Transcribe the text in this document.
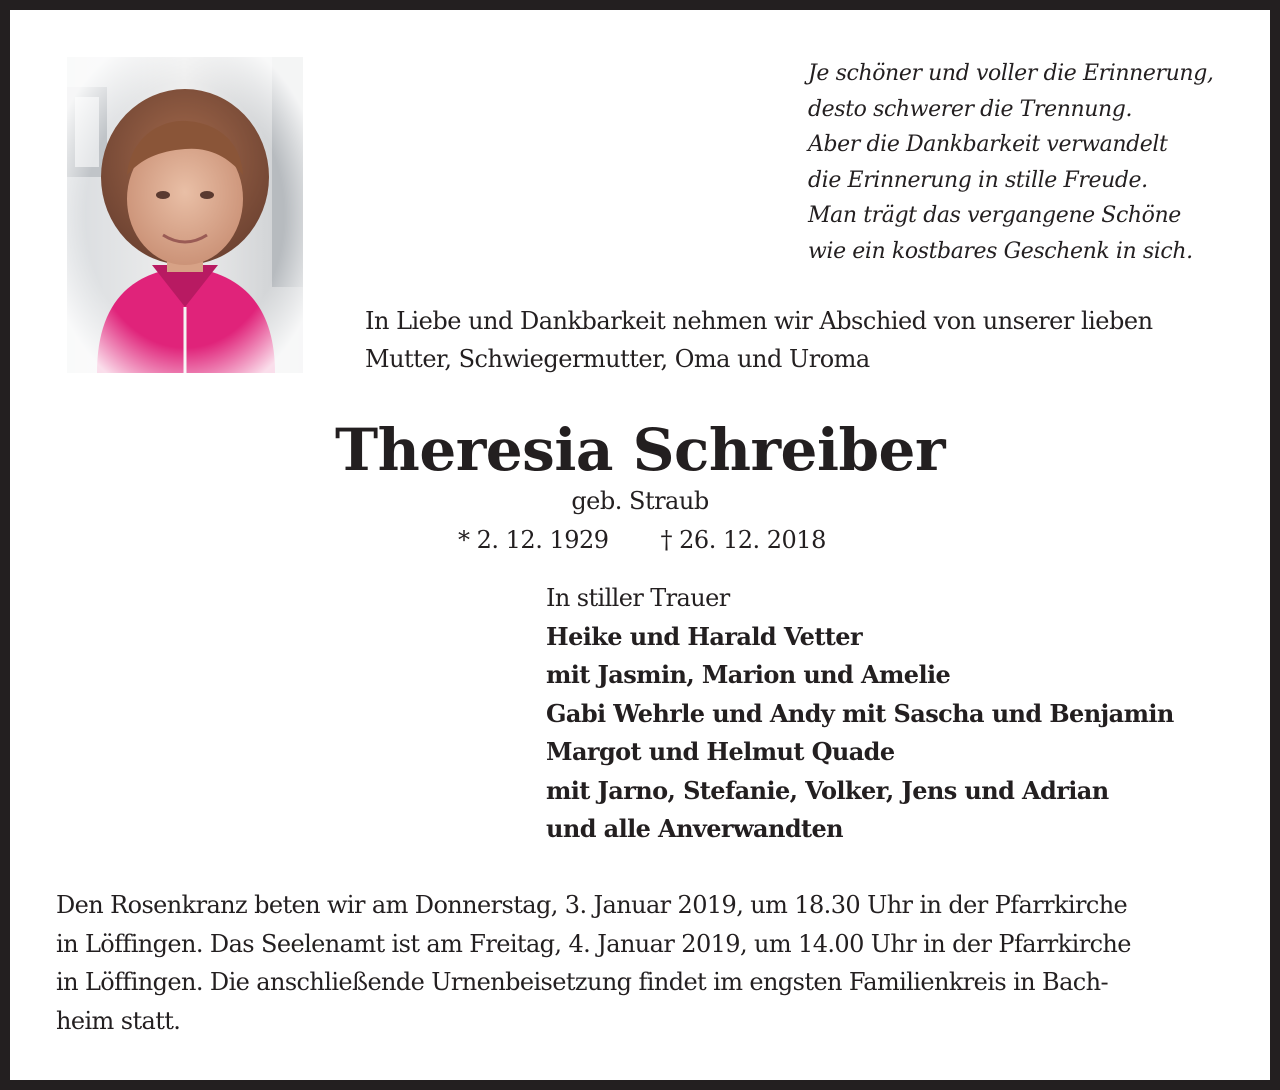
Je schöner und voller die Erinnerung,
desto schwerer die Trennung.
Aber die Dankbarkeit verwandelt
die Erinnerung in stille Freude.
Man trägt das vergangene Schöne
wie ein kostbares Geschenk in sich.
In Liebe und Dankbarkeit nehmen wir Abschied von unserer lieben
Mutter, Schwiegermutter, Oma und Uroma
Theresia Schreiber
geb. Straub
* 2. 12. 1929 † 26. 12. 2018
In stiller Trauer
Heike und Harald Vetter
mit Jasmin, Marion und Amelie
Gabi Wehrle und Andy mit Sascha und Benjamin
Margot und Helmut Quade
mit Jarno, Stefanie, Volker, Jens und Adrian
und alle Anverwandten
Den Rosenkranz beten wir am Donnerstag, 3. Januar 2019, um 18.30 Uhr in der Pfarrkirche
in Löffingen. Das Seelenamt ist am Freitag, 4. Januar 2019, um 14.00 Uhr in der Pfarrkirche
in Löffingen. Die anschließende Urnenbeisetzung findet im engsten Familienkreis in Bach-
heim statt.
